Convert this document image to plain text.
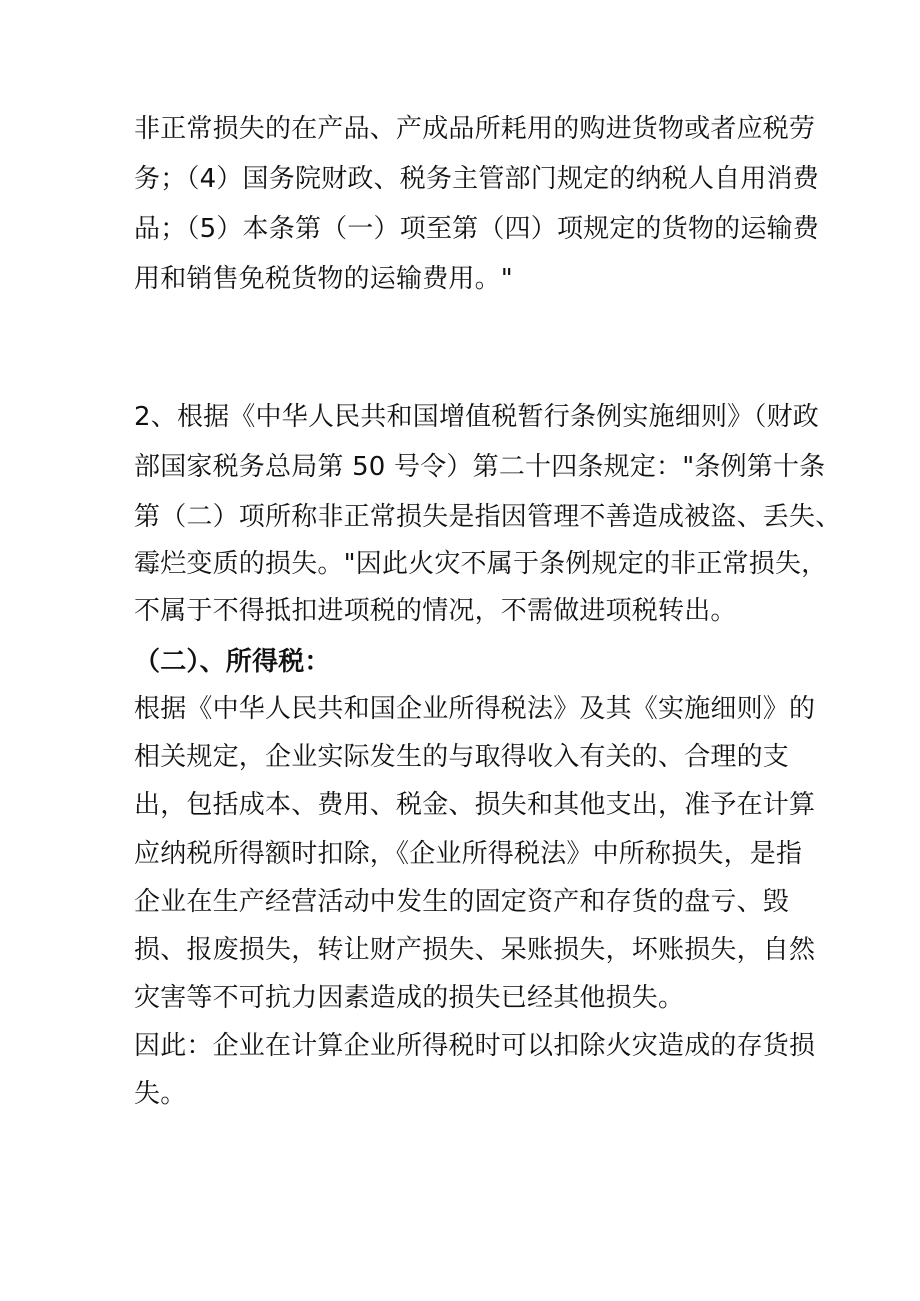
非正常损失的在产品、产成品所耗用的购进货物或者应税劳
务；（4）国务院财政、税务主管部门规定的纳税人自用消费
品；（5）本条第（一）项至第（四）项规定的货物的运输费
用和销售免税货物的运输费用。"
2、根据《中华人民共和国增值税暂行条例实施细则》（财政
部国家税务总局第 50 号令）第二十四条规定："条例第十条
第（二）项所称非正常损失是指因管理不善造成被盗、丢失、
霉烂变质的损失。"因此火灾不属于条例规定的非正常损失，
不属于不得抵扣进项税的情况，不需做进项税转出。
（二）、所得税：
根据《中华人民共和国企业所得税法》及其《实施细则》的
相关规定，企业实际发生的与取得收入有关的、合理的支
出，包括成本、费用、税金、损失和其他支出，准予在计算
应纳税所得额时扣除，《企业所得税法》中所称损失，是指
企业在生产经营活动中发生的固定资产和存货的盘亏、毁
损、报废损失，转让财产损失、呆账损失，坏账损失，自然
灾害等不可抗力因素造成的损失已经其他损失。
因此：企业在计算企业所得税时可以扣除火灾造成的存货损
失。
